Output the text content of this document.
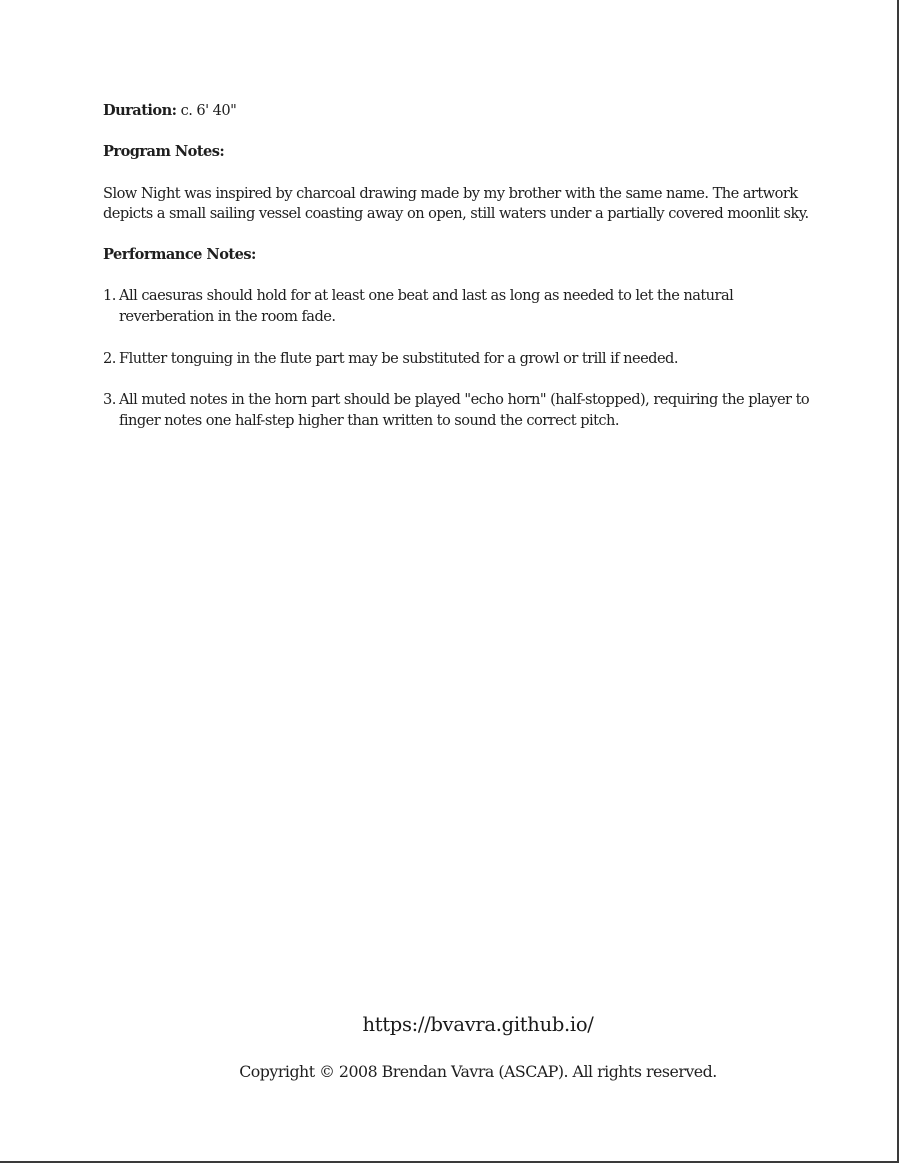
Duration: c. 6' 40"

Program Notes:

Slow Night was inspired by charcoal drawing made by my brother with the same name. The artwork depicts a small sailing vessel coasting away on open, still waters under a partially covered moonlit sky.

Performance Notes:

1. All caesuras should hold for at least one beat and last as long as needed to let the natural reverberation in the room fade.
2. Flutter tonguing in the flute part may be substituted for a growl or trill if needed.
3. All muted notes in the horn part should be played "echo horn" (half-stopped), requiring the player to finger notes one half-step higher than written to sound the correct pitch.
https://bvavra.github.io/
Copyright © 2008 Brendan Vavra (ASCAP). All rights reserved.
